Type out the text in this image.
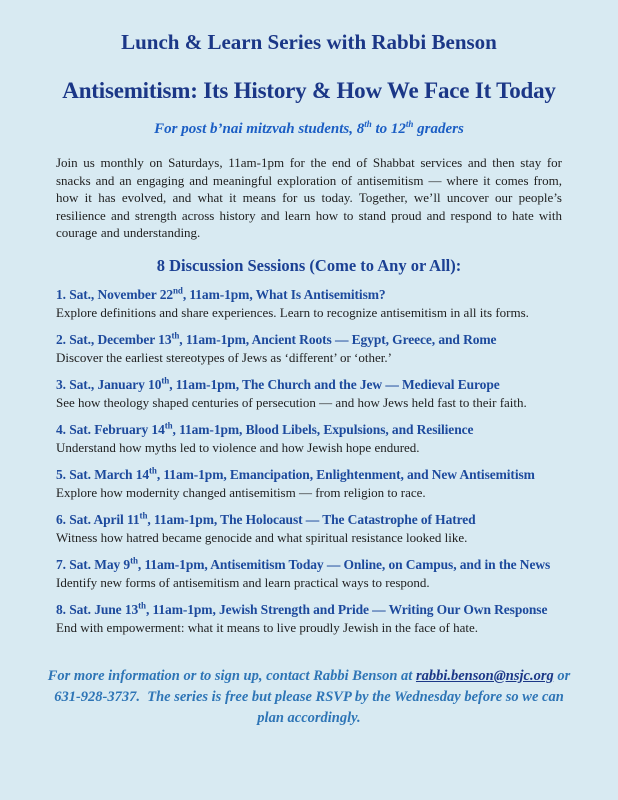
Lunch & Learn Series with Rabbi Benson
Antisemitism: Its History & How We Face It Today
For post b’nai mitzvah students, 8th to 12th graders

Join us monthly on Saturdays, 11am-1pm for the end of Shabbat services and then stay for snacks and an engaging and meaningful exploration of antisemitism — where it comes from, how it has evolved, and what it means for us today. Together, we’ll uncover our people’s resilience and strength across history and learn how to stand proud and respond to hate with courage and understanding.

8 Discussion Sessions (Come to Any or All):
1. Sat., November 22nd, 11am-1pm, What Is Antisemitism?
Explore definitions and share experiences. Learn to recognize antisemitism in all its forms.
2. Sat., December 13th, 11am-1pm, Ancient Roots — Egypt, Greece, and Rome
Discover the earliest stereotypes of Jews as ‘different’ or ‘other.’
3. Sat., January 10th, 11am-1pm, The Church and the Jew — Medieval Europe
See how theology shaped centuries of persecution — and how Jews held fast to their faith.
4. Sat. February 14th, 11am-1pm, Blood Libels, Expulsions, and Resilience
Understand how myths led to violence and how Jewish hope endured.
5. Sat. March 14th, 11am-1pm, Emancipation, Enlightenment, and New Antisemitism
Explore how modernity changed antisemitism — from religion to race.
6. Sat. April 11th, 11am-1pm, The Holocaust — The Catastrophe of Hatred
Witness how hatred became genocide and what spiritual resistance looked like.
7. Sat. May 9th, 11am-1pm, Antisemitism Today — Online, on Campus, and in the News
Identify new forms of antisemitism and learn practical ways to respond.
8. Sat. June 13th, 11am-1pm, Jewish Strength and Pride — Writing Our Own Response
End with empowerment: what it means to live proudly Jewish in the face of hate.

For more information or to sign up, contact Rabbi Benson at rabbi.benson@nsjc.org or 631-928-3737.  The series is free but please RSVP by the Wednesday before so we can plan accordingly.
